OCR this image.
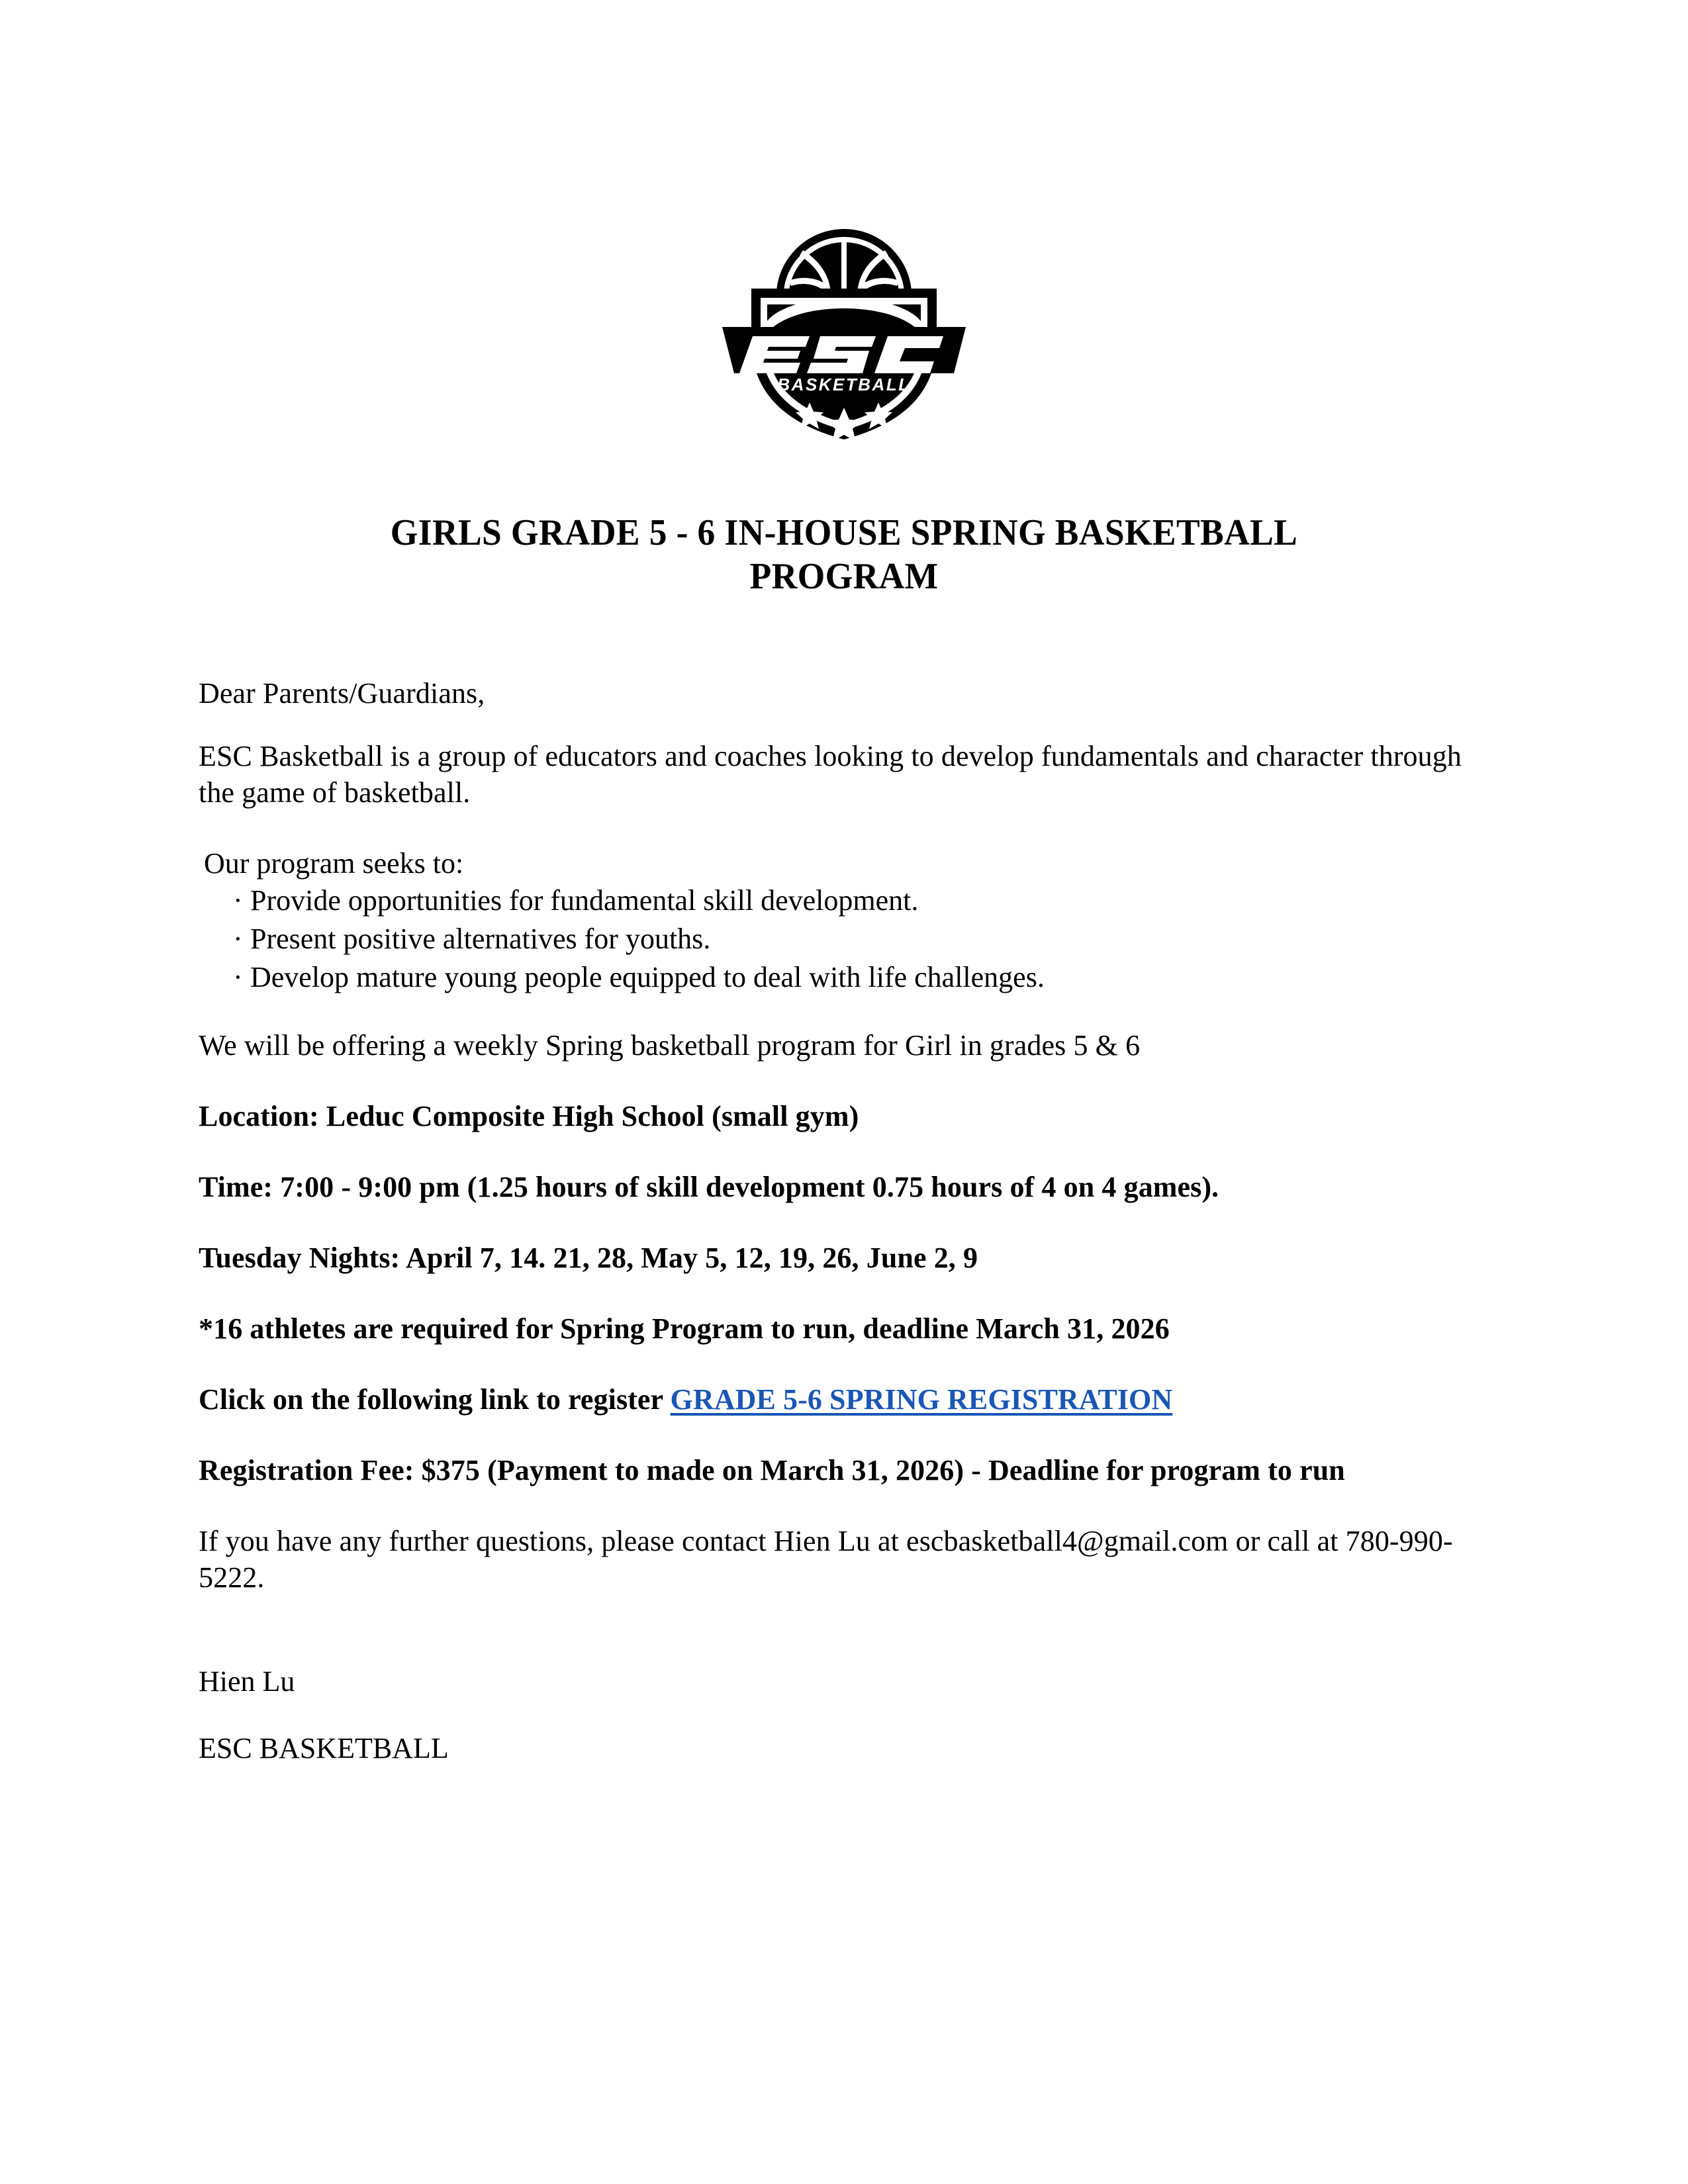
BASKETBALL
GIRLS GRADE 5 - 6 IN-HOUSE SPRING BASKETBALL
PROGRAM

Dear Parents/Guardians,

ESC Basketball is a group of educators and coaches looking to develop fundamentals and character through the game of basketball.

Our program seeks to:

· Provide opportunities for fundamental skill development.
· Present positive alternatives for youths.
· Develop mature young people equipped to deal with life challenges.

We will be offering a weekly Spring basketball program for Girl in grades 5 & 6

Location: Leduc Composite High School (small gym)

Time: 7:00 - 9:00 pm (1.25 hours of skill development 0.75 hours of 4 on 4 games).

Tuesday Nights: April 7, 14. 21, 28, May 5, 12, 19, 26, June 2, 9

*16 athletes are required for Spring Program to run, deadline March 31, 2026

Click on the following link to register GRADE 5-6 SPRING REGISTRATION

Registration Fee: $375 (Payment to made on March 31, 2026) - Deadline for program to run

If you have any further questions, please contact Hien Lu at escbasketball4@gmail.com or call at 780-990-5222.

Hien Lu

ESC BASKETBALL
